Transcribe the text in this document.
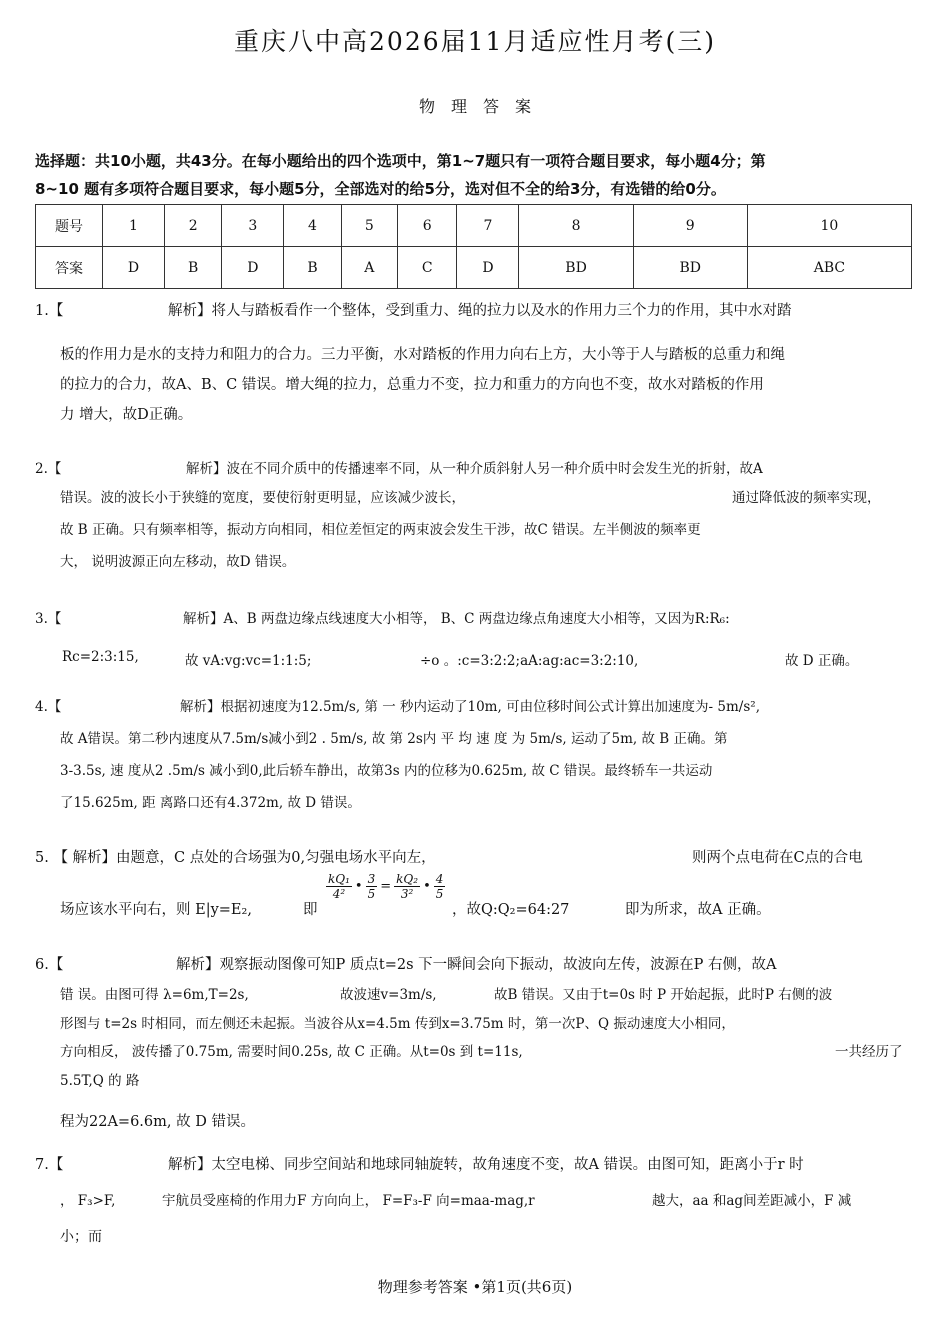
重庆八中高2026届11月适应性月考(三)
物　理　答　案
选择题：共10小题，共43分。在每小题给出的四个选项中，第1~7题只有一项符合题目要求，每小题4分；第
8~10 题有多项符合题目要求，每小题5分，全部选对的给5分，选对但不全的给3分，有选错的给0分。
题号	1	2	3	4	5	6	7	8	9	10
答案	D	B	D	B	A	C	D	BD	BD	ABC
1.【	解析】将人与踏板看作一个整体，受到重力、绳的拉力以及水的作用力三个力的作用，其中水对踏
板的作用力是水的支持力和阻力的合力。三力平衡，水对踏板的作用力向右上方，大小等于人与踏板的总重力和绳
的拉力的合力，故A、B、C 错误。增大绳的拉力，总重力不变，拉力和重力的方向也不变，故水对踏板的作用
力 增大，故D正确。
2.【	解析】波在不同介质中的传播速率不同，从一种介质斜射人另一种介质中时会发生光的折射，故A
错误。波的波长小于狭缝的宽度，要使衍射更明显，应该减少波长，	通过降低波的频率实现，
故 B 正确。只有频率相等，振动方向相同，相位差恒定的两束波会发生干涉，故C 错误。左半侧波的频率更
大， 说明波源正向左移动，故D 错误。
3.【	解析】A、B 两盘边缘点线速度大小相等， B、C 两盘边缘点角速度大小相等，又因为R:R₆:
Rc=2:3:15,	故 vA:vg:vc=1:1:5;	÷o 。:c=3:2:2;aA:ag:ac=3:2:10,	故 D 正确。
4.【	解析】根据初速度为12.5m/s, 第 一 秒内运动了10m, 可由位移时间公式计算出加速度为- 5m/s²,
故 A错误。第二秒内速度从7.5m/s减小到2 . 5m/s, 故 第 2s内 平 均 速 度 为 5m/s, 运动了5m, 故 B 正确。第
3-3.5s, 速 度从2 .5m/s 减小到0,此后轿车静出，故第3s 内的位移为0.625m, 故 C 错误。最终轿车一共运动
了15.625m, 距 离路口还有4.372m, 故 D 错误。
5. 【 解析】由题意，C 点处的合场强为0,匀强电场水平向左，	则两个点电荷在C点的合电
场应该水平向右，则 E|y=E₂,	即
$\frac{\text{kQ₁}}{\text{4²}}$ • $\frac{3}{5} = \frac{\text{kQ₂}}{\text{3²}}$ • $\frac{4}{5}$
，故Q:Q₂=64:27	即为所求，故A 正确。
6.【	解析】观察振动图像可知P 质点t=2s 下一瞬间会向下振动，故波向左传，波源在P 右侧，故A
错 误。由图可得 λ=6m,T=2s,	故波速v=3m/s,	故B 错误。又由于t=0s 时 P 开始起振，此时P 右侧的波
形图与 t=2s 时相同，而左侧还未起振。当波谷从x=4.5m 传到x=3.75m 时，第一次P、Q 振动速度大小相同，
方向相反， 波传播了0.75m, 需要时间0.25s, 故 C 正确。从t=0s 到 t=11s,	一共经历了
5.5T,Q 的 路
程为22A=6.6m, 故 D 错误。
7.【	解析】太空电梯、同步空间站和地球同轴旋转，故角速度不变，故A 错误。由图可知，距离小于r 时
， F₃>F,	宇航员受座椅的作用力F 方向向上， F=F₃-F 向=maa-mag,r	越大，aa 和ag间差距减小，F 减
小；而
物理参考答案 •第1页(共6页)
